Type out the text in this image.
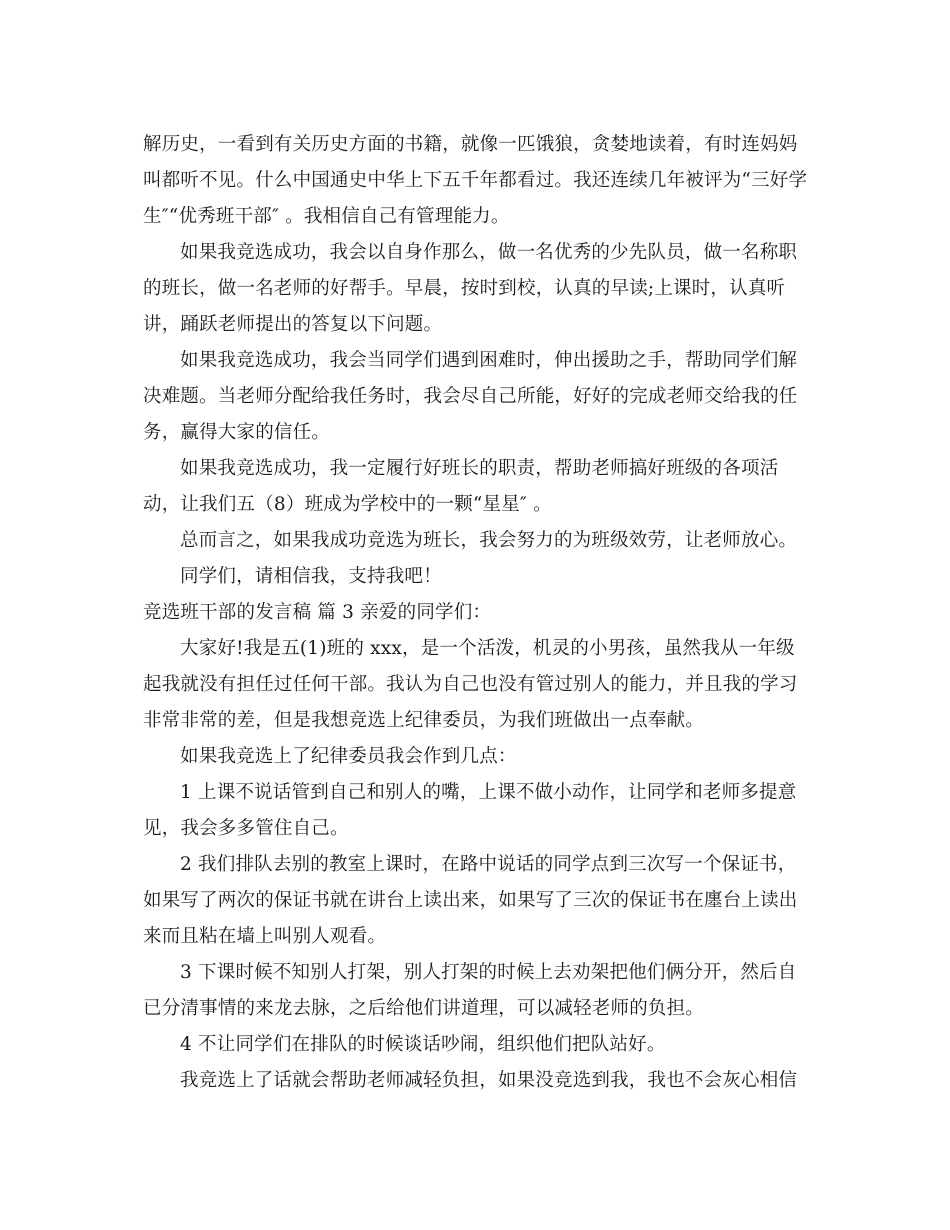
解历史，一看到有关历史方面的书籍，就像一匹饿狼，贪婪地读着，有时连妈妈
叫都听不见。什么中国通史中华上下五千年都看过。我还连续几年被评为“三好学
生″“优秀班干部″ 。我相信自己有管理能力。
如果我竞选成功，我会以自身作那么，做一名优秀的少先队员，做一名称职
的班长，做一名老师的好帮手。早晨，按时到校，认真的早读;上课时，认真听
讲，踊跃老师提出的答复以下问题。
如果我竞选成功，我会当同学们遇到困难时，伸出援助之手，帮助同学们解
决难题。当老师分配给我任务时，我会尽自己所能，好好的完成老师交给我的任
务，赢得大家的信任。
如果我竞选成功，我一定履行好班长的职责，帮助老师搞好班级的各项活
动，让我们五（8）班成为学校中的一颗“星星″ 。
总而言之，如果我成功竞选为班长，我会努力的为班级效劳，让老师放心。
同学们，请相信我，支持我吧！
竞选班干部的发言稿 篇 3 亲爱的同学们：
大家好!我是五(1)班的 xxx，是一个活泼，机灵的小男孩，虽然我从一年级
起我就没有担任过任何干部。我认为自己也没有管过别人的能力，并且我的学习
非常非常的差，但是我想竞选上纪律委员，为我们班做出一点奉献。
如果我竞选上了纪律委员我会作到几点：
1 上课不说话管到自己和别人的嘴，上课不做小动作，让同学和老师多提意
见，我会多多管住自己。
2 我们排队去别的教室上课时，在路中说话的同学点到三次写一个保证书，
如果写了两次的保证书就在讲台上读出来，如果写了三次的保证书在廛台上读出
来而且粘在墙上叫别人观看。
3 下课时候不知别人打架，别人打架的时候上去劝架把他们俩分开，然后自
已分清事情的来龙去脉，之后给他们讲道理，可以减轻老师的负担。
4 不让同学们在排队的时候谈话吵闹，组织他们把队站好。
我竞选上了话就会帮助老师减轻负担，如果没竞选到我，我也不会灰心相信
